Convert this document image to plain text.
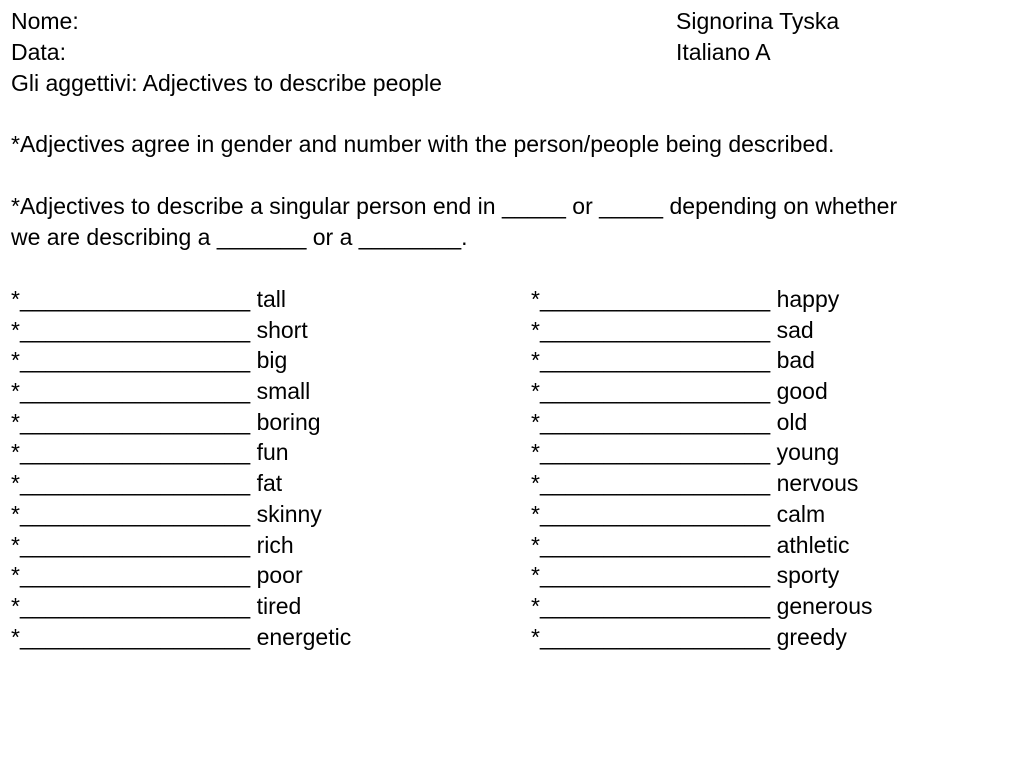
Nome:	Signorina Tyska
Data:	Italiano A
Gli aggettivi: Adjectives to describe people
*Adjectives agree in gender and number with the person/people being described.
*Adjectives to describe a singular person end in _____ or _____ depending on whether
we are describing a _______ or a ________.
*__________________ tall
*__________________ short
*__________________ big
*__________________ small
*__________________ boring
*__________________ fun
*__________________ fat
*__________________ skinny
*__________________ rich
*__________________ poor
*__________________ tired
*__________________ energetic
*__________________ happy
*__________________ sad
*__________________ bad
*__________________ good
*__________________ old
*__________________ young
*__________________ nervous
*__________________ calm
*__________________ athletic
*__________________ sporty
*__________________ generous
*__________________ greedy
